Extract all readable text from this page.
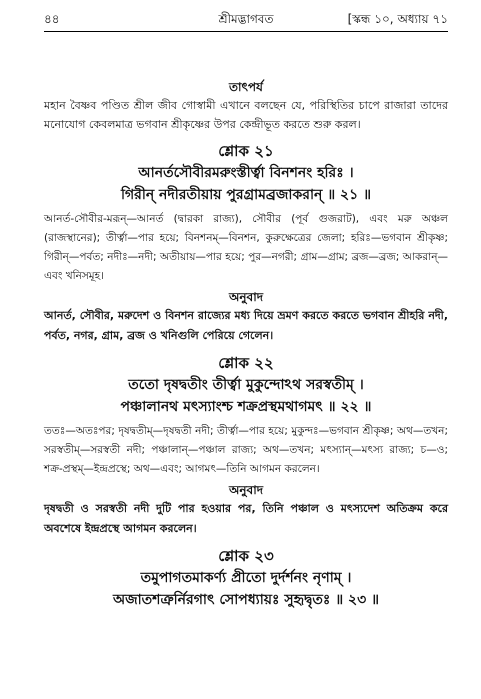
৪৪	শ্রীমদ্ভাগবত	[স্কন্ধ ১০, অধ্যায় ৭১
তাৎপর্য
মহান বৈষ্ণব পণ্ডিত শ্রীল জীব গোস্বামী এখানে বলছেন যে, পরিস্থিতির চাপে রাজারা তাদের মনোযোগ কেবলমাত্র ভগবান শ্রীকৃষ্ণের উপর কেন্দ্রীভূত করতে শুরু করল।
শ্লোক ২১
আনর্তসৌবীরমরুংস্তীর্ত্বা বিনশনং হরিঃ ।
গিরীন্ নদীরতীয়ায় পুরগ্রামব্রজাকরান্ ॥ ২১ ॥
আনর্ত-সৌবীর-মরূন্—আনর্ত (দ্বারকা রাজ্য), সৌবীর (পূর্ব গুজরাট), এবং মরু অঞ্চল (রাজস্থানের); তীর্ত্বা—পার হয়ে; বিনশনম্—বিনশন, কুরুক্ষেত্রের জেলা; হরিঃ—ভগবান শ্রীকৃষ্ণ; গিরীন্—পর্বত; নদীঃ—নদী; অতীয়ায়—পার হয়ে; পুর—নগরী; গ্রাম—গ্রাম; ব্রজ—ব্রজ; আকরান্—এবং খনিসমূহ।
অনুবাদ
আনর্ত, সৌবীর, মরুদেশ ও বিনশন রাজ্যের মধ্য দিয়ে ভ্রমণ করতে করতে ভগবান শ্রীহরি নদী, পর্বত, নগর, গ্রাম, ব্রজ ও খনিগুলি পেরিয়ে গেলেন।
শ্লোক ২২
ততো দৃষদ্বতীং তীর্ত্বা মুকুন্দোঽথ সরস্বতীম্ ।
পঞ্চালানথ মৎস্যাংশ্চ শক্রপ্রস্থমথাগমৎ ॥ ২২ ॥
ততঃ—অতঃপর; দৃষদ্বতীম্—দৃষদ্বতী নদী; তীর্ত্বা—পার হয়ে; মুকুন্দঃ—ভগবান শ্রীকৃষ্ণ; অথ—তখন; সরস্বতীম্—সরস্বতী নদী; পঞ্চালান্—পঞ্চাল রাজ্য; অথ—তখন; মৎস্যান্—মৎস্য রাজ্য; চ—ও; শক্র-প্রস্থম্—ইন্দ্রপ্রস্থে; অথ—এবং; আগমৎ—তিনি আগমন করলেন।
অনুবাদ
দৃষদ্বতী ও সরস্বতী নদী দুটি পার হওয়ার পর, তিনি পঞ্চাল ও মৎস্যদেশ অতিক্রম করে অবশেষে ইন্দ্রপ্রস্থে আগমন করলেন।
শ্লোক ২৩
তমুপাগতমাকর্ণ্য প্রীতো দুর্দর্শনং নৃণাম্ ।
অজাতশত্রুর্নিরগাৎ সোপধ্যায়ঃ সুহৃদ্বৃতঃ ॥ ২৩ ॥
